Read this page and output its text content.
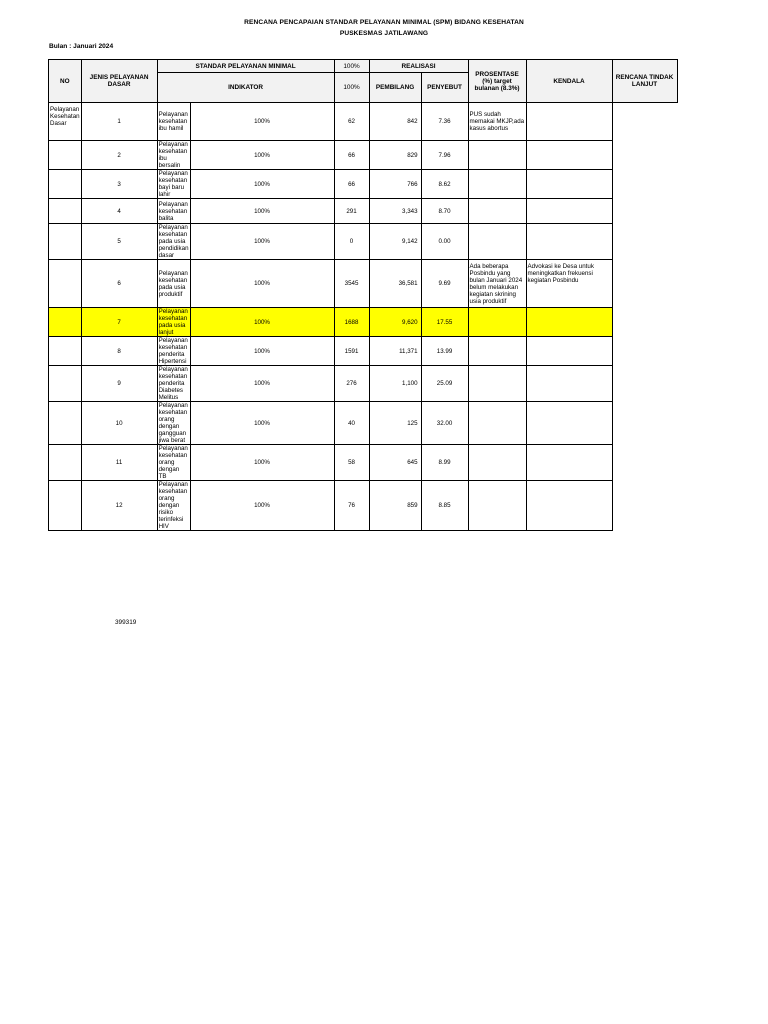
RENCANA PENCAPAIAN STANDAR PELAYANAN MINIMAL (SPM) BIDANG KESEHATAN
PUSKESMAS JATILAWANG
Bulan : Januari 2024
NO	JENIS PELAYANAN DASAR	STANDAR PELAYANAN MINIMAL		100%	REALISASI		PROSENTASE (%) target bulanan (8.3%)	KENDALA	RENCANA TINDAK LANJUT
		INDIKATOR		100%	PEMBILANG	PENYEBUT			
Pelayanan Kesehatan Dasar	1	Pelayanan kesehatan ibu hamil	100%	62	842	7.36	PUS sudah memakai MKJP,ada kasus abortus		
	2	Pelayanan kesehatan ibu bersalin	100%	66	829	7.96			
	3	Pelayanan kesehatan bayi baru lahir	100%	66	766	8.62			
	4	Pelayanan kesehatan balita	100%	291	3,343	8.70			
	5	Pelayanan kesehatan pada usia pendidikan dasar	100%	0	9,142	0.00			
	6	Pelayanan kesehatan pada usia produktif	100%	3545	36,581	9.69	Ada beberapa Posbindu yang bulan Januari 2024 belum melakukan kegiatan skrining usia produktif	Advokasi ke Desa untuk meningkatkan frekuensi kegiatan Posbindu	
	7	Pelayanan kesehatan pada usia lanjut	100%	1688	9,620	17.55			
	8	Pelayanan kesehatan penderita Hipertensi	100%	1591	11,371	13.99			
	9	Pelayanan kesehatan penderita Diabetes Melitus	100%	276	1,100	25.09			
	10	Pelayanan kesehatan orang dengan gangguan jiwa berat	100%	40	125	32.00			
	11	Pelayanan kesehatan orang dengan TB	100%	58	645	8.99			
	12	Pelayanan kesehatan orang dengan risiko terinfeksi HIV	100%	76	859	8.85			
399319
